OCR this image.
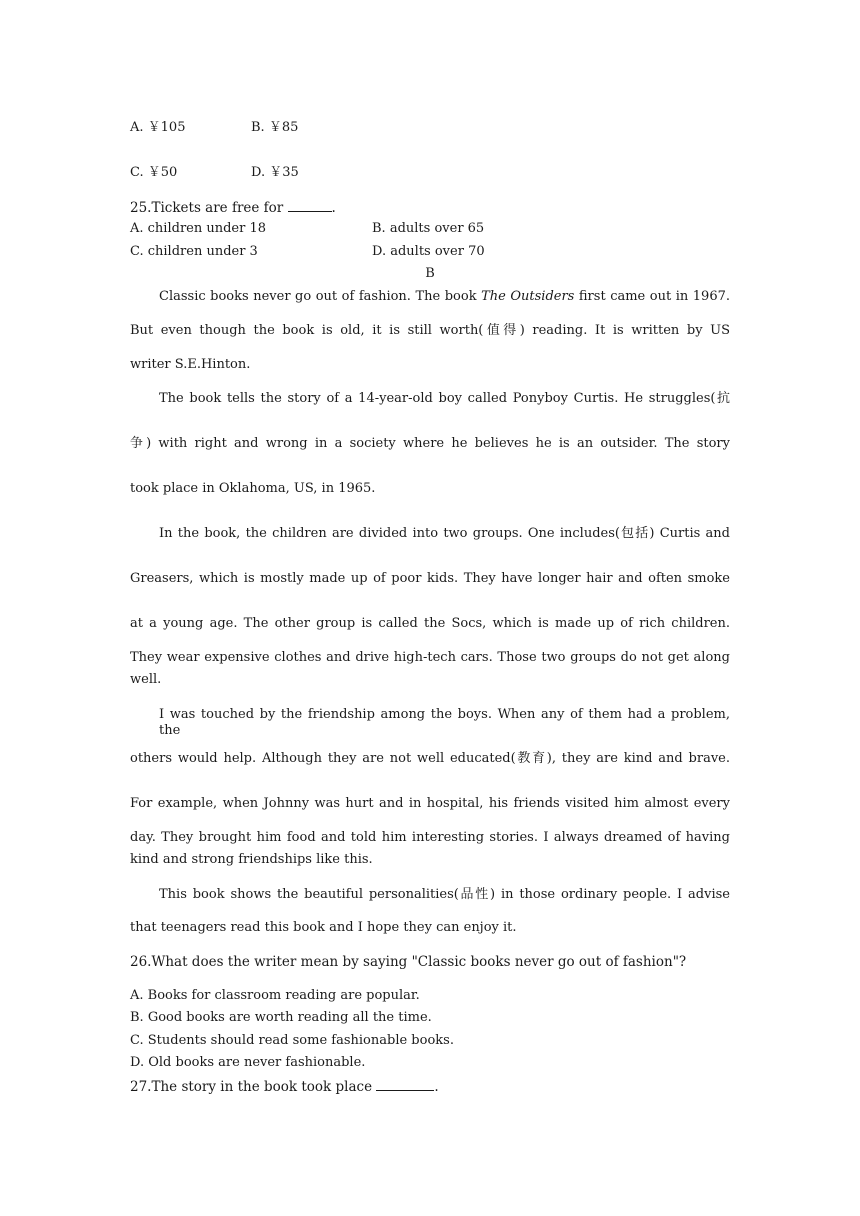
A. ￥105	B. ￥85
C. ￥50	D. ￥35
25.Tickets are free for	.
A. children under 18	B. adults over 65
C. children under 3	D. adults over 70
B
Classic books never go out of fashion. The book The Outsiders first came out in 1967.
But even though the book is old, it is still worth(值得) reading. It is written by US
writer S.E.Hinton.
The book tells the story of a 14-year-old boy called Ponyboy Curtis. He struggles(抗
争) with right and wrong in a society where he believes he is an outsider. The story
took place in Oklahoma, US, in 1965.
In the book, the children are divided into two groups. One includes(包括) Curtis and
Greasers, which is mostly made up of poor kids. They have longer hair and often smoke
at a young age. The other group is called the Socs, which is made up of rich children.
They wear expensive clothes and drive high-tech cars. Those two groups do not get along
well.
I was touched by the friendship among the boys. When any of them had a problem, the
others would help. Although they are not well educated(教育), they are kind and brave.
For example, when Johnny was hurt and in hospital, his friends visited him almost every
day. They brought him food and told him interesting stories. I always dreamed of having
kind and strong friendships like this.
This book shows the beautiful personalities(品性) in those ordinary people. I advise
that teenagers read this book and I hope they can enjoy it.
26.What does the writer mean by saying "Classic books never go out of fashion"?
A. Books for classroom reading are popular.
B. Good books are worth reading all the time.
C. Students should read some fashionable books.
D. Old books are never fashionable.
27.The story in the book took place	.
